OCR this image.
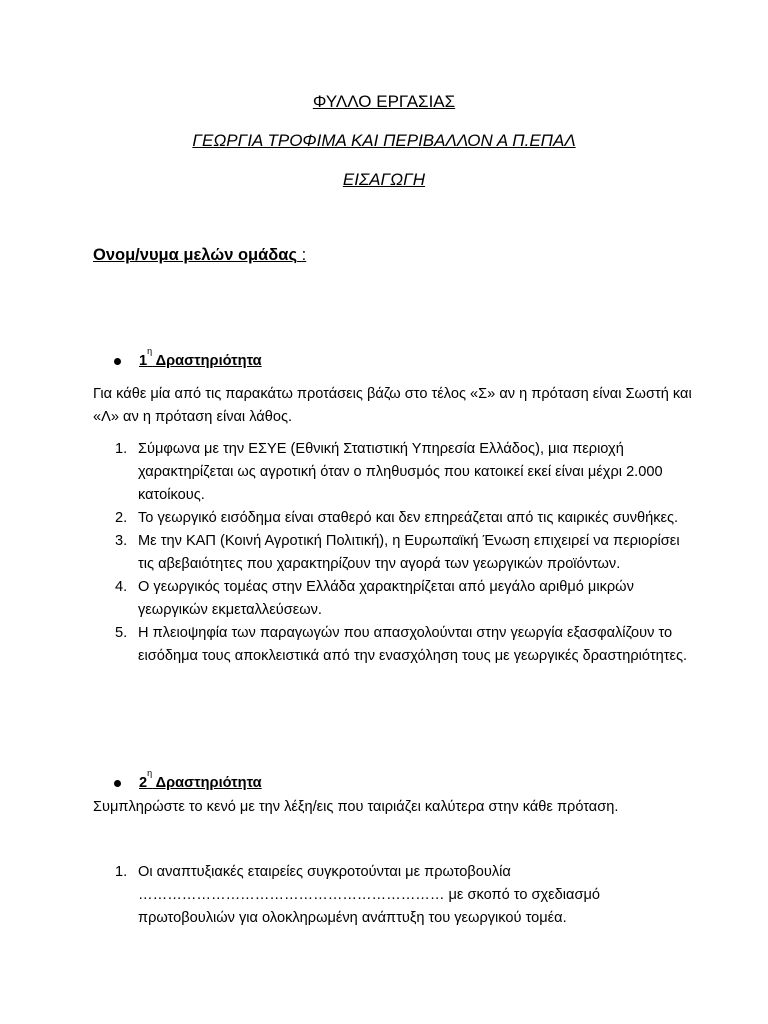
ΦΥΛΛΟ ΕΡΓΑΣΙΑΣ
ΓΕΩΡΓΙΑ ΤΡΟΦΙΜΑ ΚΑΙ ΠΕΡΙΒΑΛΛΟΝ Α Π.ΕΠΑΛ
ΕΙΣΑΓΩΓΗ
Ονομ/νυμα μελών ομάδας :
$1^\eta$ Δραστηριότητα
Για κάθε μία από τις παρακάτω προτάσεις βάζω στο τέλος «Σ» αν η πρόταση είναι Σωστή και «Λ» αν η πρόταση είναι λάθος.
1. Σύμφωνα με την ΕΣΥΕ (Εθνική Στατιστική Υπηρεσία Ελλάδος), μια περιοχή χαρακτηρίζεται ως αγροτική όταν ο πληθυσμός που κατοικεί εκεί είναι μέχρι 2.000 κατοίκους.
2. Το γεωργικό εισόδημα είναι σταθερό και δεν επηρεάζεται από τις καιρικές συνθήκες.
3. Με την ΚΑΠ (Κοινή Αγροτική Πολιτική), η Ευρωπαϊκή Ένωση επιχειρεί να περιορίσει τις αβεβαιότητες που χαρακτηρίζουν την αγορά των γεωργικών προϊόντων.
4. Ο γεωργικός τομέας στην Ελλάδα χαρακτηρίζεται από μεγάλο αριθμό μικρών γεωργικών εκμεταλλεύσεων.
5. Η πλειοψηφία των παραγωγών που απασχολούνται στην γεωργία εξασφαλίζουν το εισόδημα τους αποκλειστικά από την ενασχόληση τους με γεωργικές δραστηριότητες.
$2^\eta$ Δραστηριότητα
Συμπληρώστε το κενό με την λέξη/εις που ταιριάζει καλύτερα στην κάθε πρόταση.
1. Οι αναπτυξιακές εταιρείες συγκροτούνται με πρωτοβουλία ……………………………………………………… με σκοπό το σχεδιασμό πρωτοβουλιών για ολοκληρωμένη ανάπτυξη του γεωργικού τομέα.
